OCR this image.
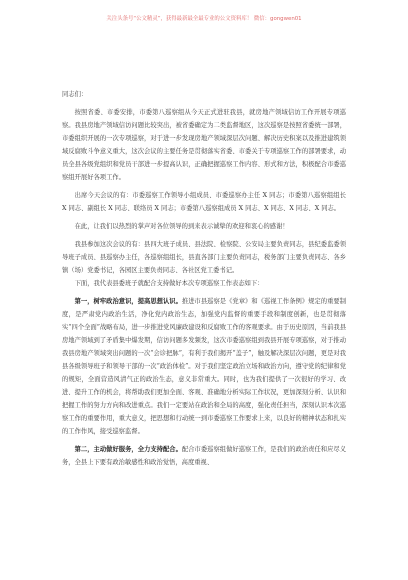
关注头条号“公文精灵”，获得最新最全最专业的公文资料库！ 微信：gongwen01

同志们：

按照省委、市委安排，市委第八巡察组从今天正式进驻我县，就房地产领域信访工作开展专项巡察。我县房地产领域信访问题比较突出，被省委确定为二类监督地区，这次巡察是按照省委统一部署，市委组织开展的一次专项巡察，对于进一步发现房地产领域深层次问题、解决历史积案以及推进建筑领域反腐败斗争意义重大，这次会议的主要任务是贯彻落实省委、市委关于专项巡察工作的部署要求，动员全县各级党组织和党员干部进一步提高认识，正确把握巡察工作内容、形式和方法，积极配合市委巡察组开展好各项工作。

出席今天会议的有：市委巡察工作领导小组成员、市委巡察办主任 X 同志；市委第八巡察组组长 X 同志、副组长 X 同志、联络员 X 同志；市委第八巡察组成员 X 同志、X 同志、X 同志、X 同志。

在此，让我们以热烈的掌声对各位领导的到来表示诚挚的欢迎和衷心的感谢！

我县参加这次会议的有：县四大班子成员、县法院、检察院、公安局主要负责同志，县纪委监委领导班子成员、县巡察办主任，各巡察组组长，县直各部门主要负责同志，税务部门主要负责同志、各乡镇（场）党委书记，各园区主要负责同志、各社区党工委书记。

下面，我代表县委班子就配合支持做好本次专项巡察工作表态如下：

第一，树牢政治意识，提高思想认识。推进市县巡察是《党章》和《巡视工作条例》规定的重要制度，是严肃党内政治生活，净化党内政治生态，加强党内监督的重要手段和制度创新，也是贯彻落实“四个全面”战略布局，进一步推进党风廉政建设和反腐败工作的客观要求。由于历史原因，当前我县房地产领域到了矛盾集中爆发期，信访问题多发频发，这次市委巡察组到我县开展专项巡察，对于推动我县房地产领域突出问题的一次“会诊把脉”，有利于我们揭开“盖子”，触及解决深层次问题，更是对我县各级领导班子和领导干部的一次“政治体检”。对于我们坚定政治立场和政治方向，遵守党的纪律和党的规矩，全面营造风清气正的政治生态，意义非常重大。同时，也为我们提供了一次很好的学习、改进、提升工作的机会，将帮助我们更加全面、客观、准确地分析实际工作状况，更加深刻分析、认识和把握工作的努力方向和改进重点。我们一定要站在政治和全局的高度，强化责任担当，深刻认识本次巡察工作的重要作用，重大意义，把思想和行动统一到市委巡察工作要求上来，以良好的精神状态和扎实的工作作风，接受巡察监督。

第二，主动做好服务，全力支持配合。配合市委巡察组做好巡察工作，是我们的政治责任和应尽义务，全县上下要有政治敏感性和政治觉悟，高度重视、
